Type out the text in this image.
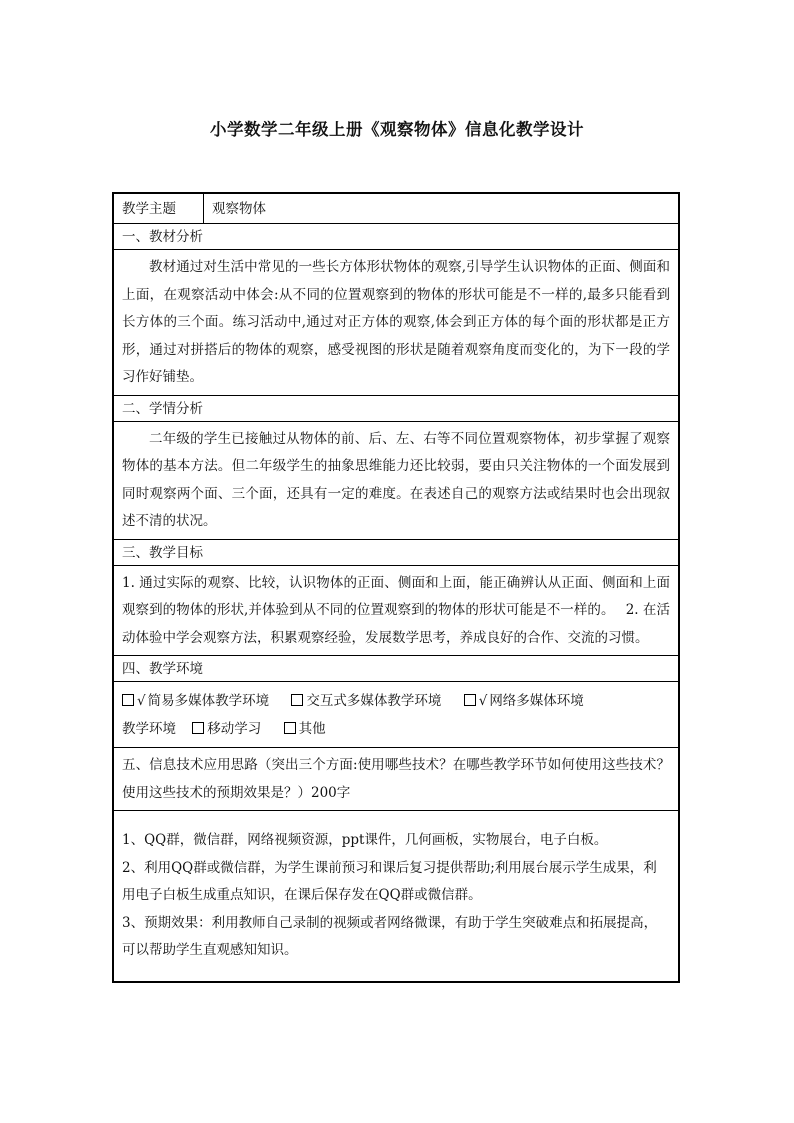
小学数学二年级上册《观察物体》信息化教学设计
教学主题	观察物体
一、教材分析
教材通过对生活中常见的一些长方体形状物体的观察,引导学生认识物体的正面、侧面和上面，在观察活动中体会:从不同的位置观察到的物体的形状可能是不一样的,最多只能看到长方体的三个面。练习活动中,通过对正方体的观察,体会到正方体的每个面的形状都是正方形，通过对拼搭后的物体的观察，感受视图的形状是随着观察角度而变化的，为下一段的学习作好铺垫。
二、学情分析
二年级的学生已接触过从物体的前、后、左、右等不同位置观察物体，初步掌握了观察物体的基本方法。但二年级学生的抽象思维能力还比较弱，要由只关注物体的一个面发展到同时观察两个面、三个面，还具有一定的难度。在表述自己的观察方法或结果时也会出现叙述不清的状况。
三、教学目标
1. 通过实际的观察、比较，认识物体的正面、侧面和上面，能正确辨认从正面、侧面和上面观察到的物体的形状,并体验到从不同的位置观察到的物体的形状可能是不一样的。　 2. 在活动体验中学会观察方法，积累观察经验，发展数学思考，养成良好的合作、交流的习惯。
四、教学环境
√ 简易多媒体教学环境	交互式多媒体教学环境	√ 网络多媒体环境
教学环境 移动学习	其他
五、信息技术应用思路（突出三个方面:使用哪些技术？在哪些教学环节如何使用这些技术？使用这些技术的预期效果是？）200字
1、QQ群，微信群，网络视频资源，ppt课件，几何画板，实物展台，电子白板。
2、利用QQ群或微信群，为学生课前预习和课后复习提供帮助;利用展台展示学生成果，利用电子白板生成重点知识，在课后保存发在QQ群或微信群。
3、预期效果：利用教师自己录制的视频或者网络微课，有助于学生突破难点和拓展提高，可以帮助学生直观感知知识。
